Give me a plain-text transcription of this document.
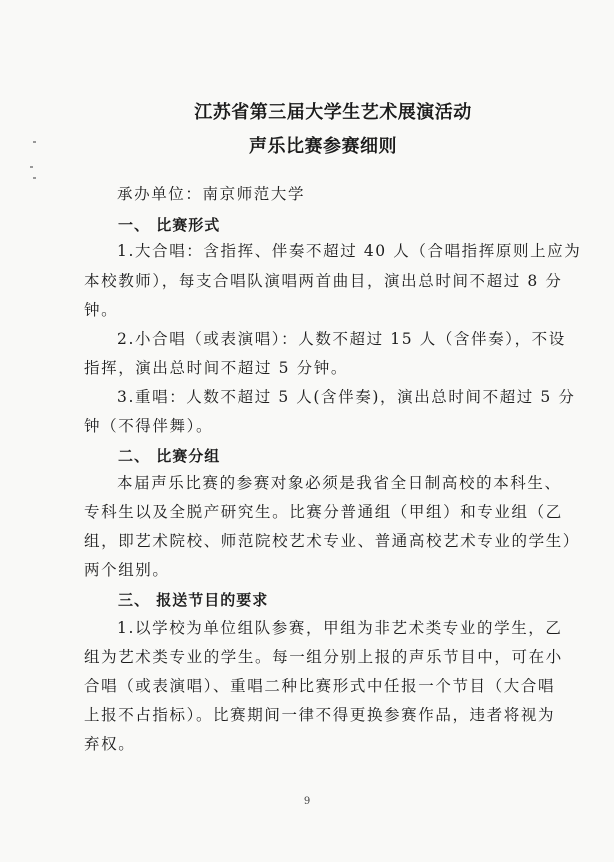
江苏省第三届大学生艺术展演活动
声乐比赛参赛细则
承办单位：南京师范大学
一、 比赛形式
1.大合唱：含指挥、伴奏不超过 40 人（合唱指挥原则上应为
本校教师），每支合唱队演唱两首曲目，演出总时间不超过 8 分
钟。
2.小合唱（或表演唱）：人数不超过 15 人（含伴奏），不设
指挥，演出总时间不超过 5 分钟。
3.重唱：人数不超过 5 人(含伴奏)，演出总时间不超过 5 分
钟（不得伴舞）。
二、 比赛分组
本届声乐比赛的参赛对象必须是我省全日制高校的本科生、
专科生以及全脱产研究生。比赛分普通组（甲组）和专业组（乙
组，即艺术院校、师范院校艺术专业、普通高校艺术专业的学生）
两个组别。
三、 报送节目的要求
1.以学校为单位组队参赛，甲组为非艺术类专业的学生，乙
组为艺术类专业的学生。每一组分别上报的声乐节目中，可在小
合唱（或表演唱）、重唱二种比赛形式中任报一个节目（大合唱
上报不占指标）。比赛期间一律不得更换参赛作品，违者将视为
弃权。
9
